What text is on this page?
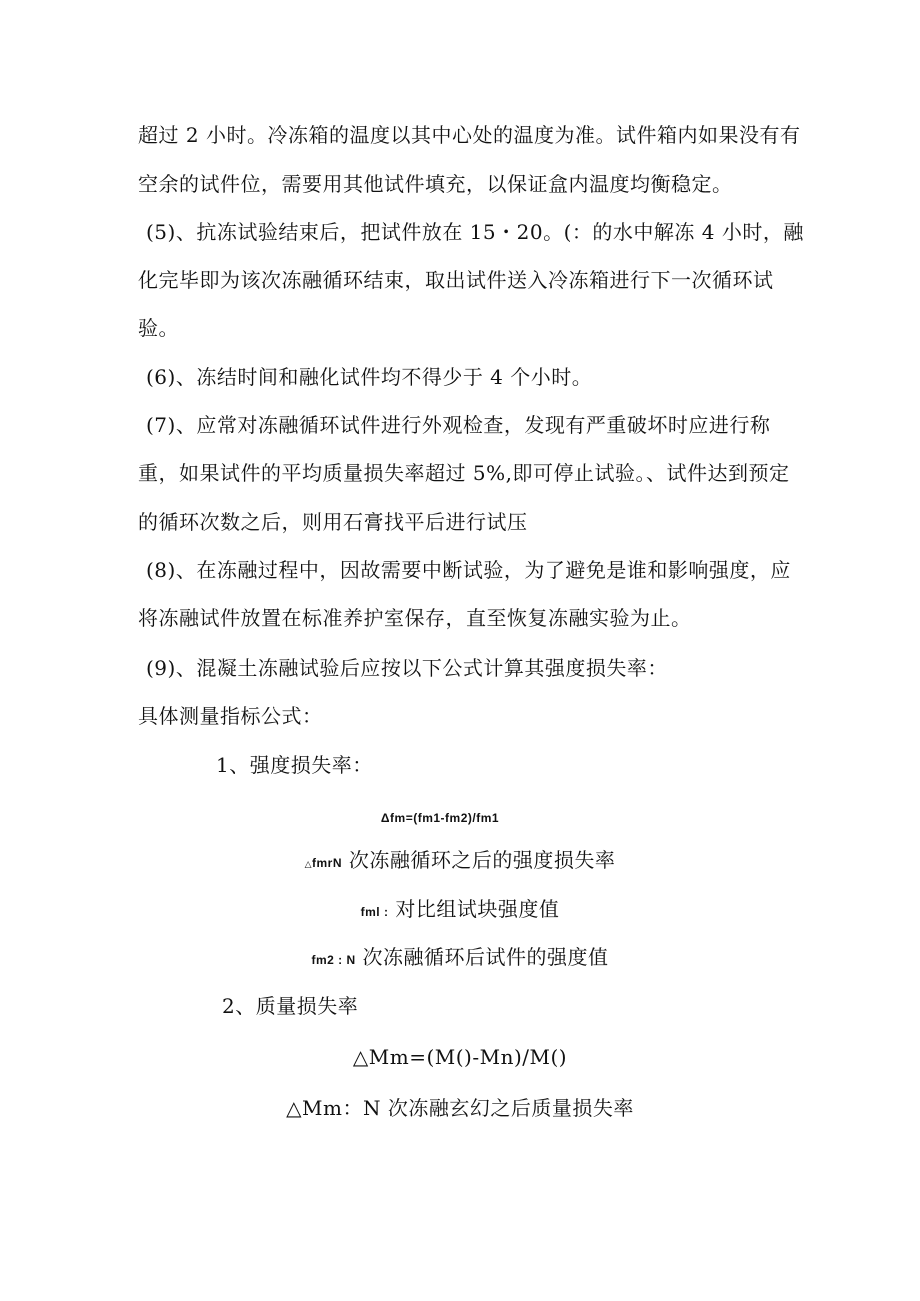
超过 2 小时。冷冻箱的温度以其中心处的温度为准。试件箱内如果没有有
空余的试件位，需要用其他试件填充，以保证盒内温度均衡稳定。
(5)、抗冻试验结束后，把试件放在 15・20。(：的水中解冻 4 小时，融
化完毕即为该次冻融循环结束，取出试件送入冷冻箱进行下一次循环试
验。
(6)、冻结时间和融化试件均不得少于 4 个小时。
(7)、应常对冻融循环试件进行外观检查，发现有严重破坏时应进行称
重，如果试件的平均质量损失率超过 5%,即可停止试验。、试件达到预定
的循环次数之后，则用石膏找平后进行试压
(8)、在冻融过程中，因故需要中断试验，为了避免是谁和影响强度，应
将冻融试件放置在标准养护室保存，直至恢复冻融实验为止。
(9)、混凝土冻融试验后应按以下公式计算其强度损失率：
具体测量指标公式：
1、强度损失率：
Δfm=(fm1-fm2)/fm1
△fmrN 次冻融循环之后的强度损失率
fml : 对比组试块强度值
fm2 : N 次冻融循环后试件的强度值
2、质量损失率
△Mm=(M()-Mn)∕M()
△Mm：N 次冻融玄幻之后质量损失率
